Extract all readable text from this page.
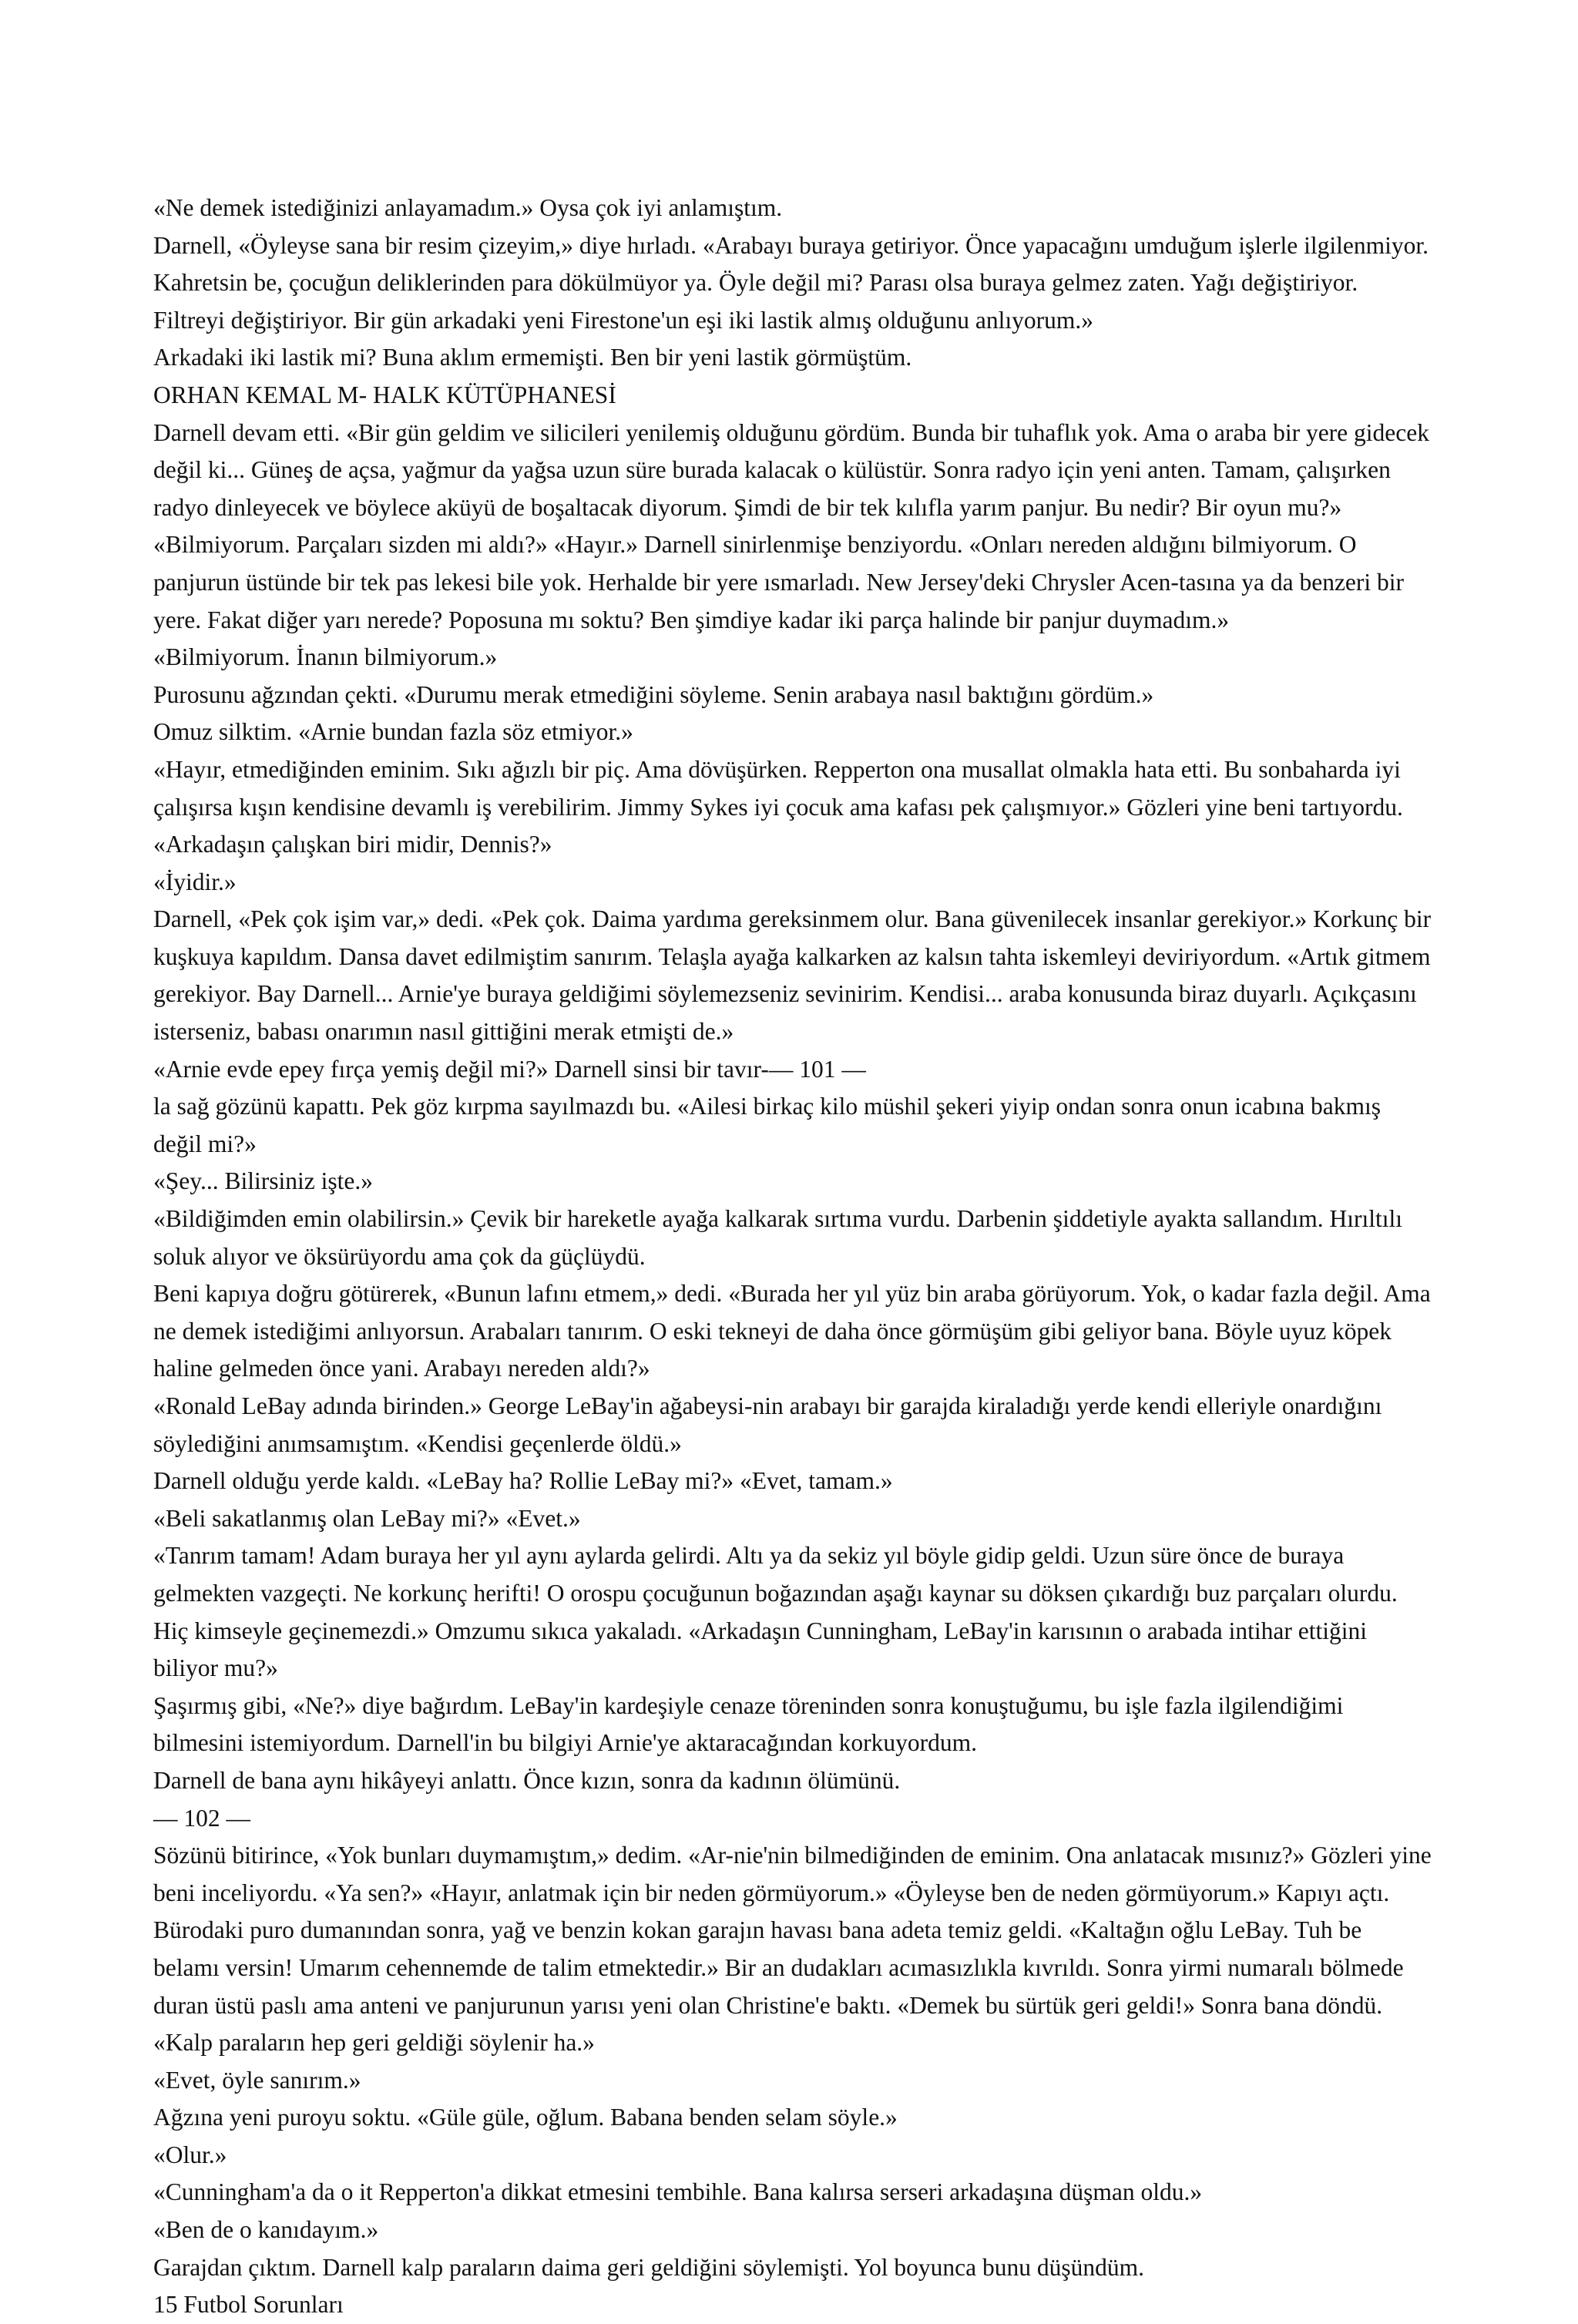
«Ne demek istediğinizi anlayamadım.» Oysa çok iyi anlamıştım.

Darnell, «Öyleyse sana bir resim çizeyim,» diye hırladı. «Arabayı buraya getiriyor. Önce yapacağını umduğum işlerle ilgilenmiyor. Kahretsin be, çocuğun deliklerinden para dökülmüyor ya. Öyle değil mi? Parası olsa buraya gelmez zaten. Yağı değiştiriyor. Filtreyi değiştiriyor. Bir gün arkadaki yeni Firestone'un eşi iki lastik almış olduğunu anlıyorum.»

Arkadaki iki lastik mi? Buna aklım ermemişti. Ben bir yeni lastik görmüştüm.

ORHAN KEMAL M- HALK KÜTÜPHANESİ

Darnell devam etti. «Bir gün geldim ve silicileri yenilemiş olduğunu gördüm. Bunda bir tuhaflık yok. Ama o araba bir yere gidecek değil ki... Güneş de açsa, yağmur da yağsa uzun süre burada kalacak o külüstür. Sonra radyo için yeni anten. Tamam, çalışırken radyo dinleyecek ve böylece aküyü de boşaltacak diyorum. Şimdi de bir tek kılıfla yarım panjur. Bu nedir? Bir oyun mu?»

«Bilmiyorum. Parçaları sizden mi aldı?» «Hayır.» Darnell sinirlenmişe benziyordu. «Onları nereden aldığını bilmiyorum. O panjurun üstünde bir tek pas lekesi bile yok. Herhalde bir yere ısmarladı. New Jersey'deki Chrysler Acen-tasına ya da benzeri bir yere. Fakat diğer yarı nerede? Poposuna mı soktu? Ben şimdiye kadar iki parça halinde bir panjur duymadım.»

«Bilmiyorum. İnanın bilmiyorum.»

Purosunu ağzından çekti. «Durumu merak etmediğini söyleme. Senin arabaya nasıl baktığını gördüm.»

Omuz silktim. «Arnie bundan fazla söz etmiyor.»

«Hayır, etmediğinden eminim. Sıkı ağızlı bir piç. Ama dövüşürken. Repperton ona musallat olmakla hata etti. Bu sonbaharda iyi çalışırsa kışın kendisine devamlı iş verebilirim. Jimmy Sykes iyi çocuk ama kafası pek çalışmıyor.» Gözleri yine beni tartıyordu. «Arkadaşın çalışkan biri midir, Dennis?»

«İyidir.»

Darnell, «Pek çok işim var,» dedi. «Pek çok. Daima yardıma gereksinmem olur. Bana güvenilecek insanlar gerekiyor.» Korkunç bir kuşkuya kapıldım. Dansa davet edilmiştim sanırım. Telaşla ayağa kalkarken az kalsın tahta iskemleyi deviriyordum. «Artık gitmem gerekiyor. Bay Darnell... Arnie'ye buraya geldiğimi söylemezseniz sevinirim. Kendisi... araba konusunda biraz duyarlı. Açıkçasını isterseniz, babası onarımın nasıl gittiğini merak etmişti de.»

«Arnie evde epey fırça yemiş değil mi?» Darnell sinsi bir tavır-— 101 —

la sağ gözünü kapattı. Pek göz kırpma sayılmazdı bu. «Ailesi birkaç kilo müshil şekeri yiyip ondan sonra onun icabına bakmış değil mi?»

«Şey... Bilirsiniz işte.»

«Bildiğimden emin olabilirsin.» Çevik bir hareketle ayağa kalkarak sırtıma vurdu. Darbenin şiddetiyle ayakta sallandım. Hırıltılı soluk alıyor ve öksürüyordu ama çok da güçlüydü.

Beni kapıya doğru götürerek, «Bunun lafını etmem,» dedi. «Burada her yıl yüz bin araba görüyorum. Yok, o kadar fazla değil. Ama ne demek istediğimi anlıyorsun. Arabaları tanırım. O eski tekneyi de daha önce görmüşüm gibi geliyor bana. Böyle uyuz köpek haline gelmeden önce yani. Arabayı nereden aldı?»

«Ronald LeBay adında birinden.» George LeBay'in ağabeysi-nin arabayı bir garajda kiraladığı yerde kendi elleriyle onardığını söylediğini anımsamıştım. «Kendisi geçenlerde öldü.»

Darnell olduğu yerde kaldı. «LeBay ha? Rollie LeBay mi?» «Evet, tamam.»

«Beli sakatlanmış olan LeBay mi?» «Evet.»

«Tanrım tamam! Adam buraya her yıl aynı aylarda gelirdi. Altı ya da sekiz yıl böyle gidip geldi. Uzun süre önce de buraya gelmekten vazgeçti. Ne korkunç herifti! O orospu çocuğunun boğazından aşağı kaynar su döksen çıkardığı buz parçaları olurdu. Hiç kimseyle geçinemezdi.» Omzumu sıkıca yakaladı. «Arkadaşın Cunningham, LeBay'in karısının o arabada intihar ettiğini

biliyor mu?»

Şaşırmış gibi, «Ne?» diye bağırdım. LeBay'in kardeşiyle cenaze töreninden sonra konuştuğumu, bu işle fazla ilgilendiğimi bilmesini istemiyordum. Darnell'in bu bilgiyi Arnie'ye aktaracağından korkuyordum.

Darnell de bana aynı hikâyeyi anlattı. Önce kızın, sonra da kadının ölümünü.

— 102 —

Sözünü bitirince, «Yok bunları duymamıştım,» dedim. «Ar-nie'nin bilmediğinden de eminim. Ona anlatacak mısınız?» Gözleri yine beni inceliyordu. «Ya sen?» «Hayır, anlatmak için bir neden görmüyorum.» «Öyleyse ben de neden görmüyorum.» Kapıyı açtı. Bürodaki puro dumanından sonra, yağ ve benzin kokan garajın havası bana adeta temiz geldi. «Kaltağın oğlu LeBay. Tuh be belamı versin! Umarım cehennemde de talim etmektedir.» Bir an dudakları acımasızlıkla kıvrıldı. Sonra yirmi numaralı bölmede duran üstü paslı ama anteni ve panjurunun yarısı yeni olan Christine'e baktı. «Demek bu sürtük geri geldi!» Sonra bana döndü. «Kalp paraların hep geri geldiği söylenir ha.»

«Evet, öyle sanırım.»

Ağzına yeni puroyu soktu. «Güle güle, oğlum. Babana benden selam söyle.»

«Olur.»

«Cunningham'a da o it Repperton'a dikkat etmesini tembihle. Bana kalırsa serseri arkadaşına düşman oldu.»

«Ben de o kanıdayım.»

Garajdan çıktım. Darnell kalp paraların daima geri geldiğini söylemişti. Yol boyunca bunu düşündüm.

15 Futbol Sorunları
